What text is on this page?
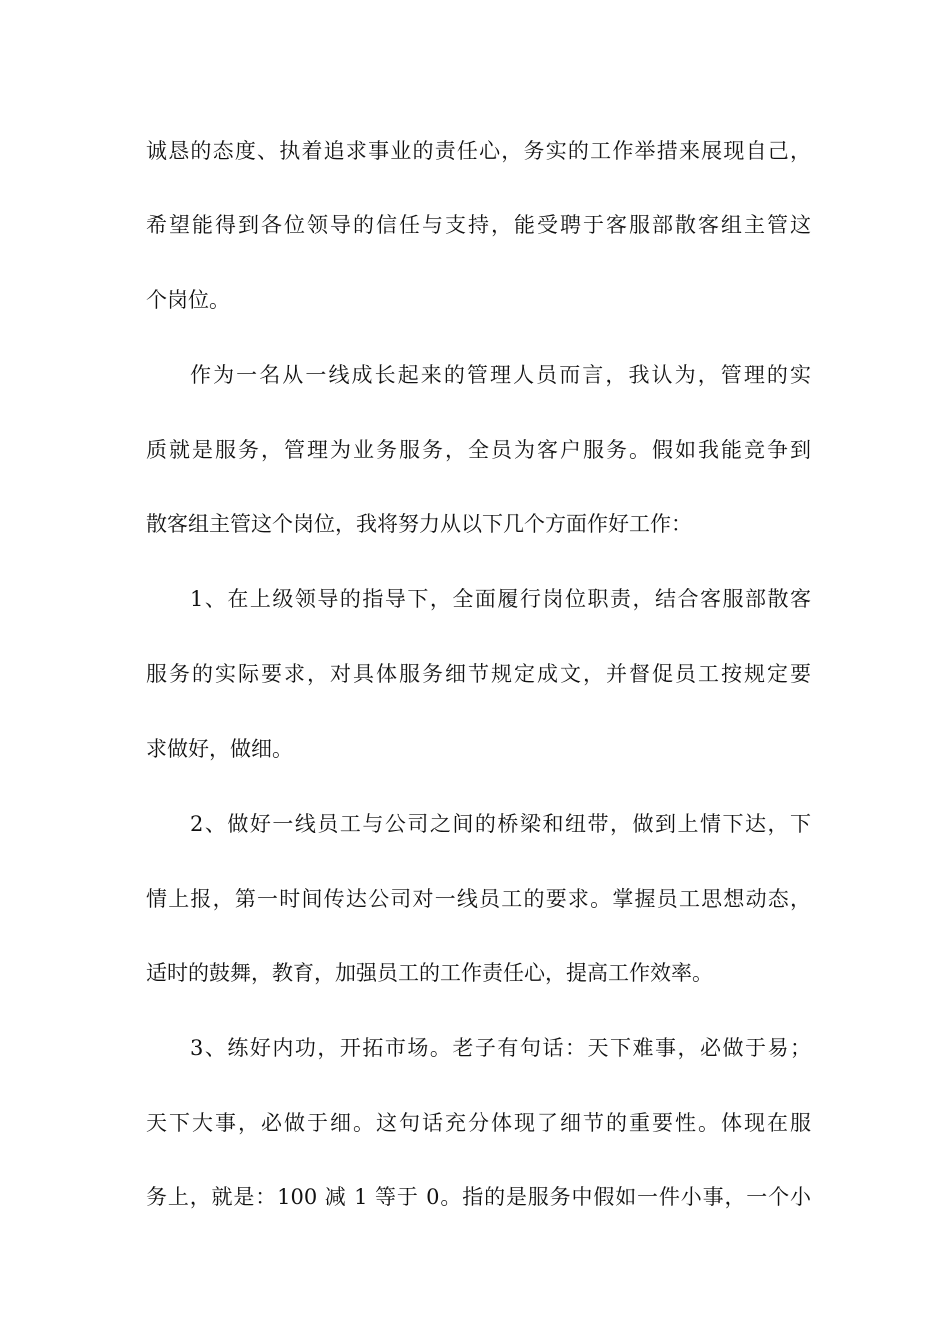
诚恳的态度、执着追求事业的责任心，务实的工作举措来展现自己，
希望能得到各位领导的信任与支持，能受聘于客服部散客组主管这
个岗位。
作为一名从一线成长起来的管理人员而言，我认为，管理的实
质就是服务，管理为业务服务，全员为客户服务。假如我能竞争到
散客组主管这个岗位，我将努力从以下几个方面作好工作：
1、在上级领导的指导下，全面履行岗位职责，结合客服部散客
服务的实际要求，对具体服务细节规定成文，并督促员工按规定要
求做好，做细。
2、做好一线员工与公司之间的桥梁和纽带，做到上情下达，下
情上报，第一时间传达公司对一线员工的要求。掌握员工思想动态，
适时的鼓舞，教育，加强员工的工作责任心，提高工作效率。
3、练好内功，开拓市场。老子有句话：天下难事，必做于易；
天下大事，必做于细。这句话充分体现了细节的重要性。体现在服
务上，就是：100 减 1 等于 0。指的是服务中假如一件小事，一个小
